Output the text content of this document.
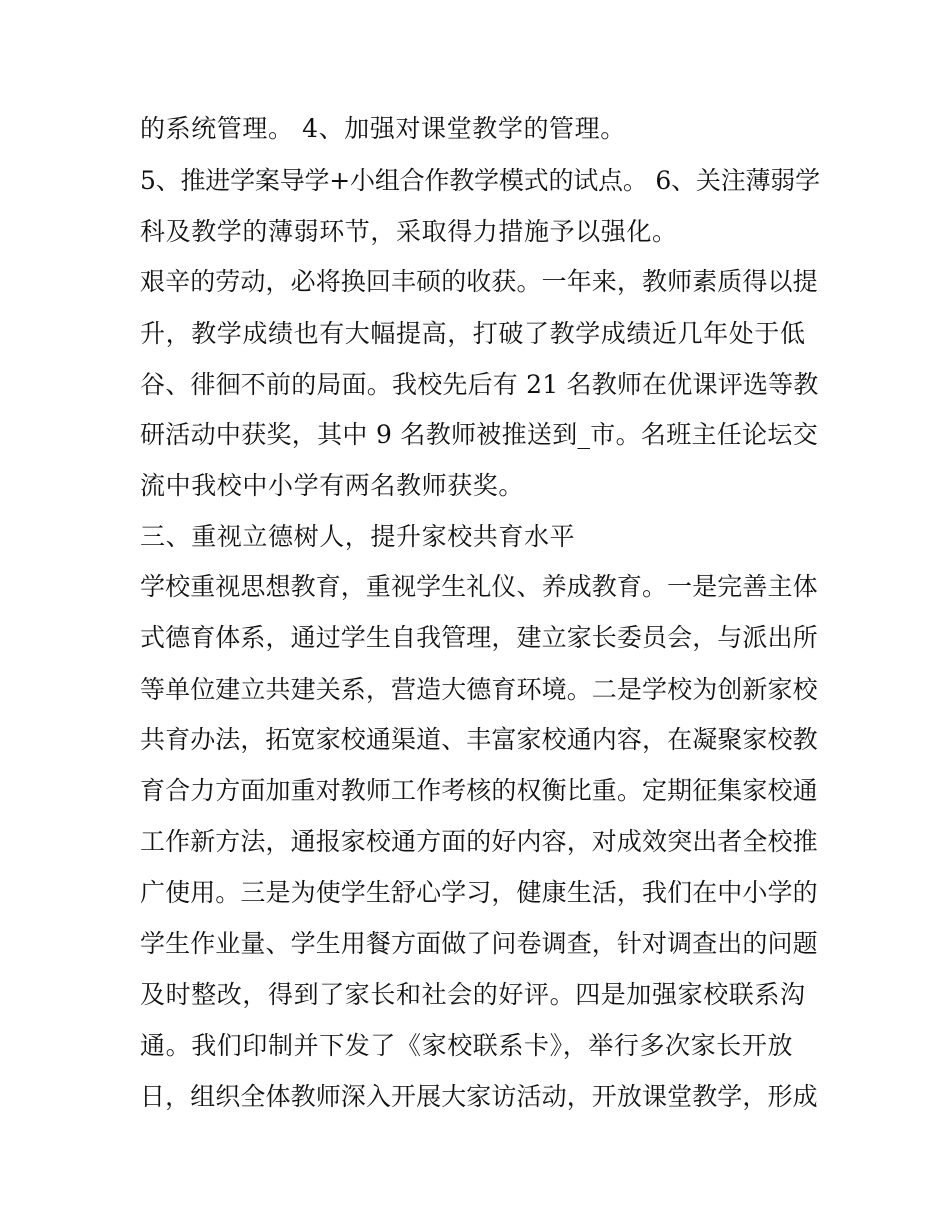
的系统管理。 4、加强对课堂教学的管理。
5、推进学案导学+小组合作教学模式的试点。 6、关注薄弱学
科及教学的薄弱环节，采取得力措施予以强化。
艰辛的劳动，必将换回丰硕的收获。一年来，教师素质得以提
升，教学成绩也有大幅提高，打破了教学成绩近几年处于低
谷、徘徊不前的局面。我校先后有 21 名教师在优课评选等教
研活动中获奖，其中 9 名教师被推送到_市。名班主任论坛交
流中我校中小学有两名教师获奖。
三、重视立德树人，提升家校共育水平
学校重视思想教育，重视学生礼仪、养成教育。一是完善主体
式德育体系，通过学生自我管理，建立家长委员会，与派出所
等单位建立共建关系，营造大德育环境。二是学校为创新家校
共育办法，拓宽家校通渠道、丰富家校通内容，在凝聚家校教
育合力方面加重对教师工作考核的权衡比重。定期征集家校通
工作新方法，通报家校通方面的好内容，对成效突出者全校推
广使用。三是为使学生舒心学习，健康生活，我们在中小学的
学生作业量、学生用餐方面做了问卷调查，针对调查出的问题
及时整改，得到了家长和社会的好评。四是加强家校联系沟
通。我们印制并下发了《家校联系卡》，举行多次家长开放
日，组织全体教师深入开展大家访活动，开放课堂教学，形成
